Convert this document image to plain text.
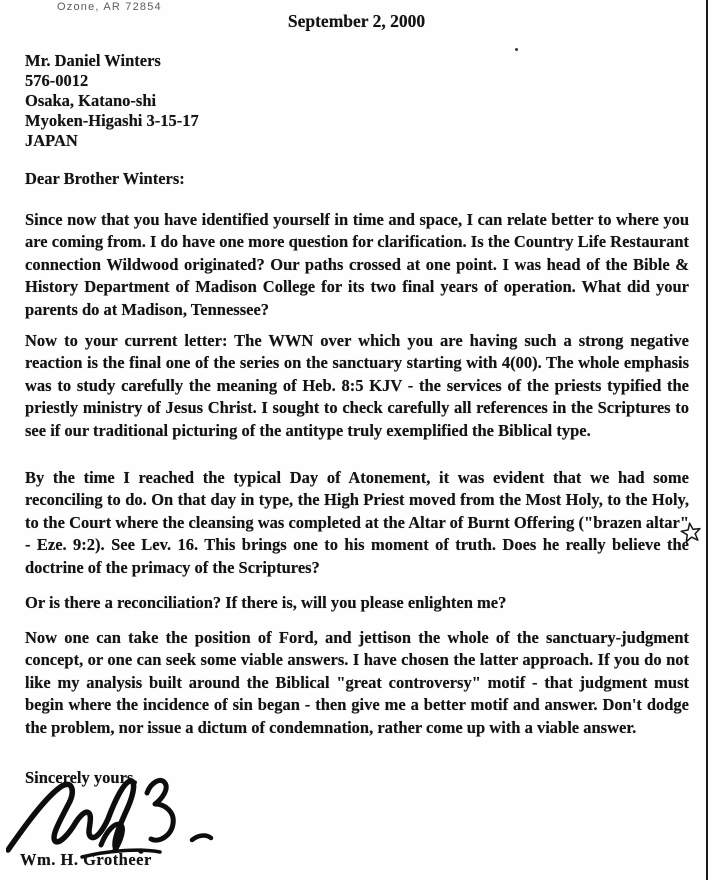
Ozone, AR 72854
September 2, 2000
Mr. Daniel Winters
576-0012
Osaka, Katano-shi
Myoken-Higashi 3-15-17
JAPAN
Dear Brother Winters:

Since now that you have identified yourself in time and space, I can relate better to where you are coming from. I do have one more question for clarification. Is the Country Life Restaurant connection Wildwood originated? Our paths crossed at one point. I was head of the Bible & History Department of Madison College for its two final years of operation. What did your parents do at Madison, Tennessee?

Now to your current letter: The WWN over which you are having such a strong negative reaction is the final one of the series on the sanctuary starting with 4(00). The whole emphasis was to study carefully the meaning of Heb. 8:5 KJV - the services of the priests typified the priestly ministry of Jesus Christ. I sought to check carefully all references in the Scriptures to see if our traditional picturing of the antitype truly exemplified the Biblical type.

By the time I reached the typical Day of Atonement, it was evident that we had some reconciling to do. On that day in type, the High Priest moved from the Most Holy, to the Holy, to the Court where the cleansing was completed at the Altar of Burnt Offering ("brazen altar" - Eze. 9:2). See Lev. 16. This brings one to his moment of truth. Does he really believe the doctrine of the primacy of the Scriptures?

Or is there a reconciliation? If there is, will you please enlighten me?

Now one can take the position of Ford, and jettison the whole of the sanctuary-judgment concept, or one can seek some viable answers. I have chosen the latter approach. If you do not like my analysis built around the Biblical "great controversy" motif - that judgment must begin where the incidence of sin began - then give me a better motif and answer. Don't dodge the problem, nor issue a dictum of condemnation, rather come up with a viable answer.

Sincerely yours,
Wm. H. Grotheer
